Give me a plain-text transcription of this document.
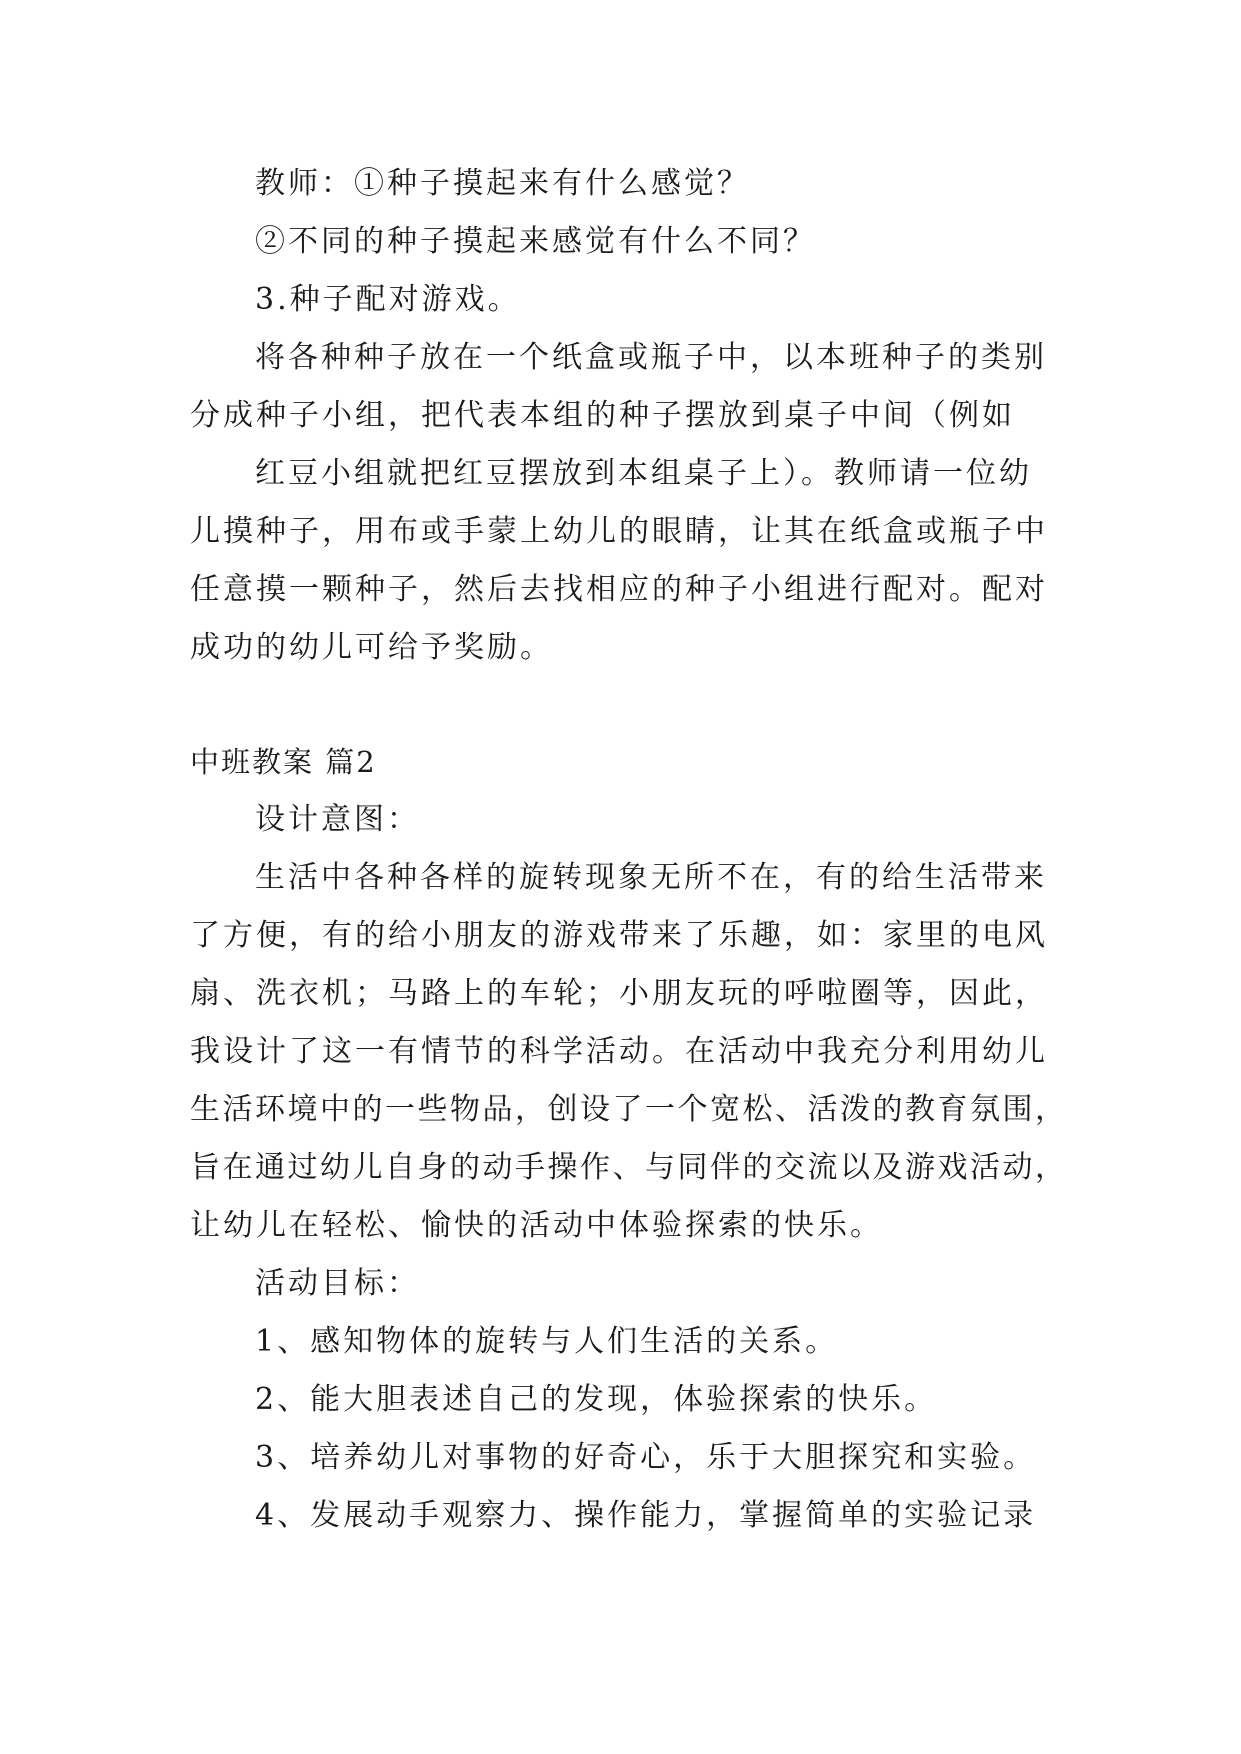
教师：①种子摸起来有什么感觉？
②不同的种子摸起来感觉有什么不同？
3.种子配对游戏。
将各种种子放在一个纸盒或瓶子中，以本班种子的类别
分成种子小组，把代表本组的种子摆放到桌子中间（例如
红豆小组就把红豆摆放到本组桌子上）。教师请一位幼
儿摸种子，用布或手蒙上幼儿的眼睛，让其在纸盒或瓶子中
任意摸一颗种子，然后去找相应的种子小组进行配对。配对
成功的幼儿可给予奖励。
中班教案 篇2
设计意图：
生活中各种各样的旋转现象无所不在，有的给生活带来
了方便，有的给小朋友的游戏带来了乐趣，如：家里的电风
扇、洗衣机；马路上的车轮；小朋友玩的呼啦圈等，因此，
我设计了这一有情节的科学活动。在活动中我充分利用幼儿
生活环境中的一些物品，创设了一个宽松、活泼的教育氛围，
旨在通过幼儿自身的动手操作、与同伴的交流以及游戏活动，
让幼儿在轻松、愉快的活动中体验探索的快乐。
活动目标：
1、感知物体的旋转与人们生活的关系。
2、能大胆表述自己的发现，体验探索的快乐。
3、培养幼儿对事物的好奇心，乐于大胆探究和实验。
4、发展动手观察力、操作能力，掌握简单的实验记录
